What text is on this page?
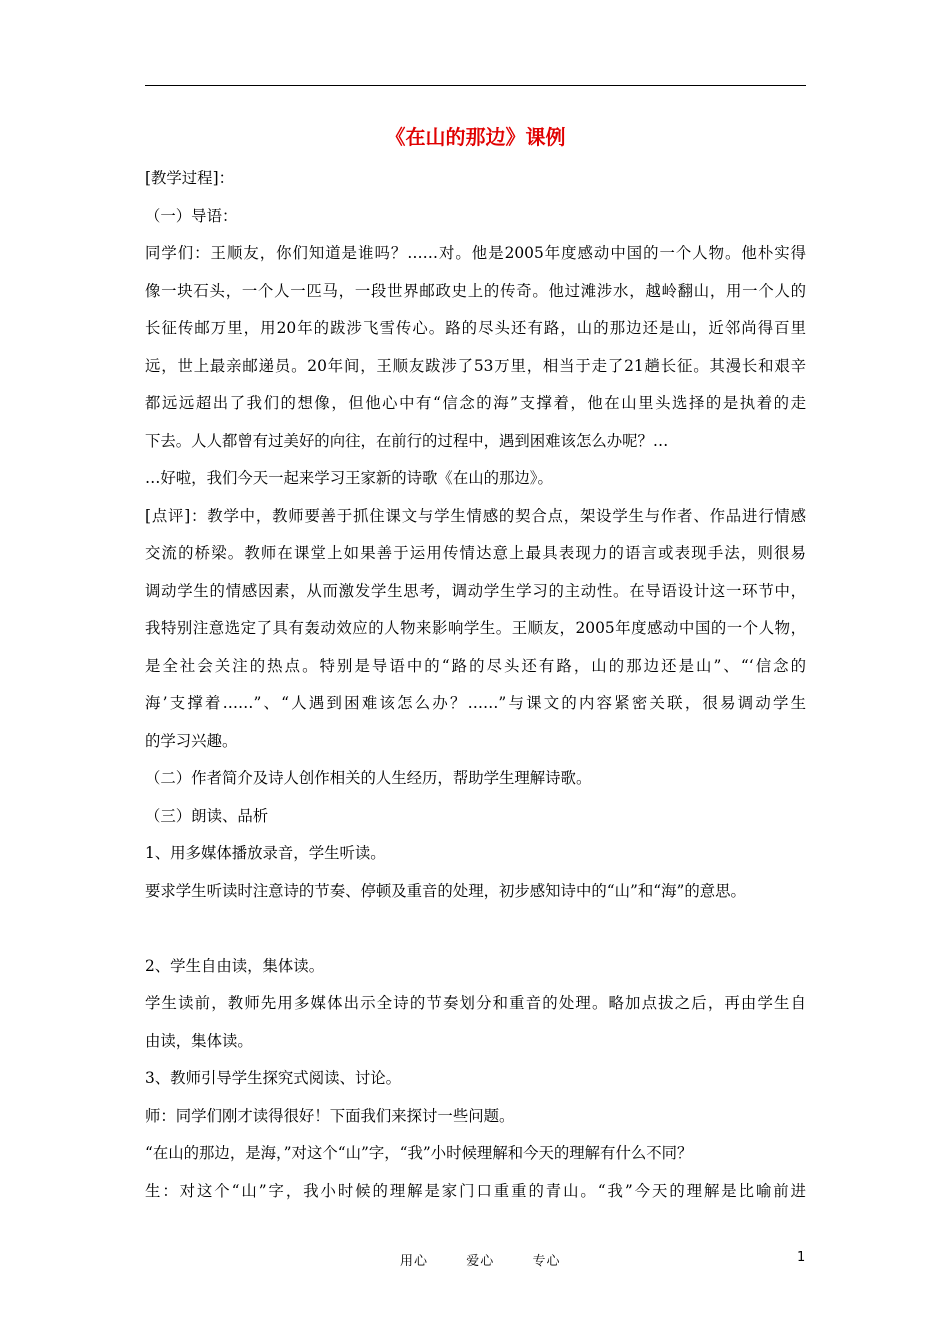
《在山的那边》课例

[教学过程]：

（一）导语：

同学们：王顺友，你们知道是谁吗？……对。他是2005年度感动中国的一个人物。他朴实得

像一块石头，一个人一匹马，一段世界邮政史上的传奇。他过滩涉水，越岭翻山，用一个人的

长征传邮万里，用20年的跋涉飞雪传心。路的尽头还有路，山的那边还是山，近邻尚得百里

远，世上最亲邮递员。20年间，王顺友跋涉了53万里，相当于走了21趟长征。其漫长和艰辛

都远远超出了我们的想像，但他心中有“信念的海”支撑着，他在山里头选择的是执着的走

下去。人人都曾有过美好的向往，在前行的过程中，遇到困难该怎么办呢？…

…好啦，我们今天一起来学习王家新的诗歌《在山的那边》。

[点评]：教学中，教师要善于抓住课文与学生情感的契合点，架设学生与作者、作品进行情感

交流的桥梁。教师在课堂上如果善于运用传情达意上最具表现力的语言或表现手法，则很易

调动学生的情感因素，从而激发学生思考，调动学生学习的主动性。在导语设计这一环节中，

我特别注意选定了具有轰动效应的人物来影响学生。王顺友，2005年度感动中国的一个人物，

是全社会关注的热点。特别是导语中的“路的尽头还有路，山的那边还是山”、“‘信念的

海’支撑着……”、“人遇到困难该怎么办？……”与课文的内容紧密关联，很易调动学生

的学习兴趣。

（二）作者简介及诗人创作相关的人生经历，帮助学生理解诗歌。

（三）朗读、品析

1、用多媒体播放录音，学生听读。

要求学生听读时注意诗的节奏、停顿及重音的处理，初步感知诗中的“山”和“海”的意思。

2、学生自由读，集体读。

学生读前，教师先用多媒体出示全诗的节奏划分和重音的处理。略加点拔之后，再由学生自

由读，集体读。

3、教师引导学生探究式阅读、讨论。

师：同学们刚才读得很好！下面我们来探讨一些问题。

“在山的那边，是海，”对这个“山”字，“我”小时候理解和今天的理解有什么不同？

生：对这个“山”字，我小时候的理解是家门口重重的青山。“我”今天的理解是比喻前进

用心  爱心  专心	1
